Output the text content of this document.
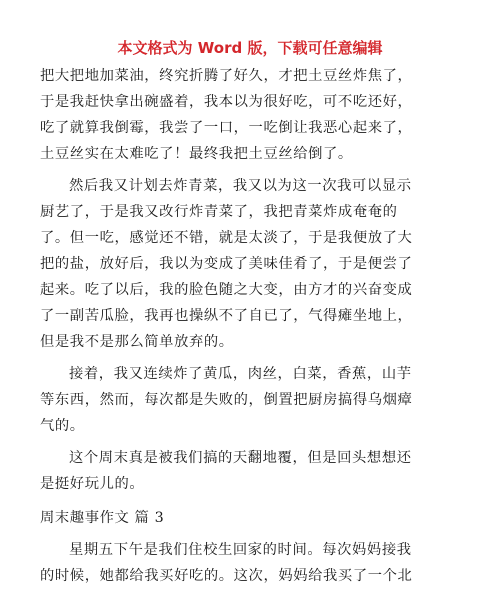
本文格式为 Word 版，下载可任意编辑
把大把地加菜油，终究折腾了好久，才把土豆丝炸焦了，
于是我赶快拿出碗盛着，我本以为很好吃，可不吃还好，
吃了就算我倒霉，我尝了一口，一吃倒让我恶心起来了，
土豆丝实在太难吃了！最终我把土豆丝给倒了。
然后我又计划去炸青菜，我又以为这一次我可以显示
厨艺了，于是我又改行炸青菜了，我把青菜炸成奄奄的
了。但一吃，感觉还不错，就是太淡了，于是我便放了大
把的盐，放好后，我以为变成了美味佳肴了，于是便尝了
起来。吃了以后，我的脸色随之大变，由方才的兴奋变成
了一副苦瓜脸，我再也操纵不了自已了，气得瘫坐地上，
但是我不是那么简单放弃的。
接着，我又连续炸了黄瓜，肉丝，白菜，香蕉，山芋
等东西，然而，每次都是失败的，倒置把厨房搞得乌烟瘴
气的。
这个周末真是被我们搞的天翻地覆，但是回头想想还
是挺好玩儿的。
周末趣事作文 篇 3
星期五下午是我们住校生回家的时间。每次妈妈接我
的时候，她都给我买好吃的。这次，妈妈给我买了一个北
